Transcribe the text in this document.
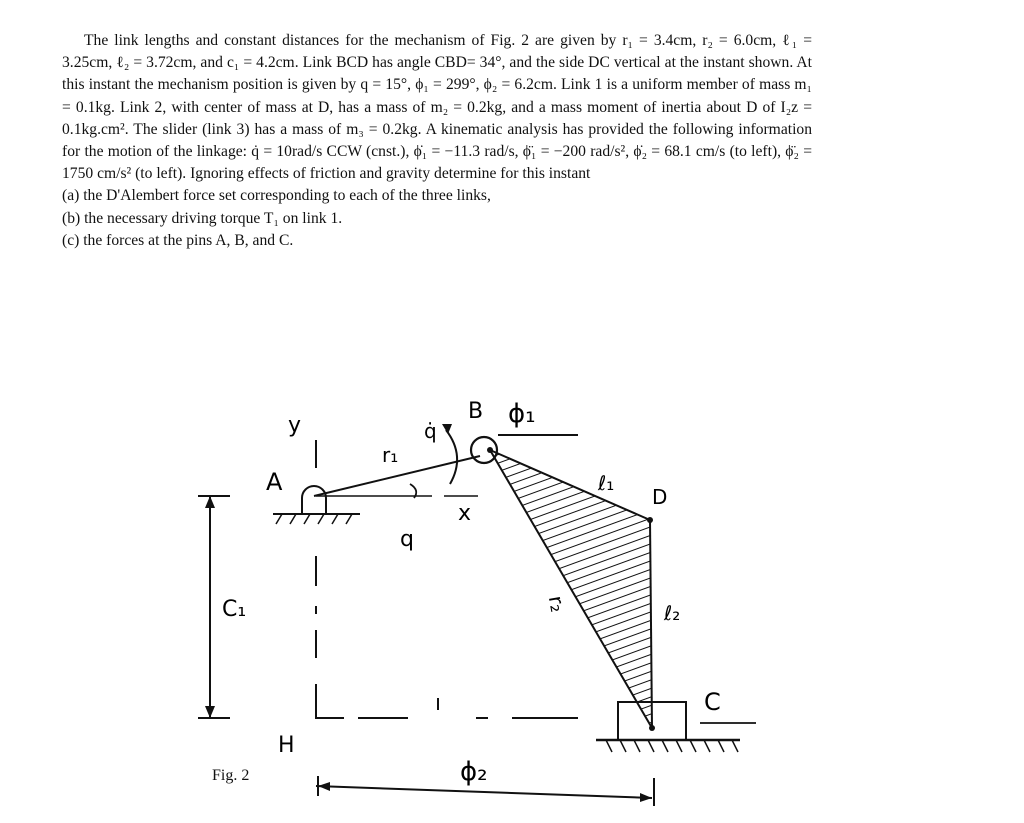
The link lengths and constant distances for the mechanism of Fig. 2 are given by r₁ = 3.4cm, r₂ = 6.0cm, ℓ₁ = 3.25cm, ℓ₂ = 3.72cm, and c₁ = 4.2cm. Link BCD has angle CBD= 34°, and the side DC vertical at the instant shown. At this instant the mechanism position is given by q = 15°, ϕ₁ = 299°, ϕ₂ = 6.2cm. Link 1 is a uniform member of mass m₁ = 0.1kg. Link 2, with center of mass at D, has a mass of m₂ = 0.2kg, and a mass moment of inertia about D of I₂z = 0.1kg.cm². The slider (link 3) has a mass of m₃ = 0.2kg. A kinematic analysis has provided the following information for the motion of the linkage: q̇ = 10rad/s CCW (cnst.), ϕ̇₁ = −11.3 rad/s, ϕ̈₁ = −200 rad/s², ϕ̇₂ = 68.1 cm/s (to left), ϕ̈₂ = 1750 cm/s² (to left). Ignoring effects of friction and gravity determine for this instant

(a) the D'Alembert force set corresponding to each of the three links,

(b) the necessary driving torque T₁ on link 1.

(c) the forces at the pins A, B, and C.

y
A
r₁
q
x
q̇
B ϕ₁
ℓ₁
D
r₂	ℓ₂
C
H
C₁
ϕ₂
Fig. 2
